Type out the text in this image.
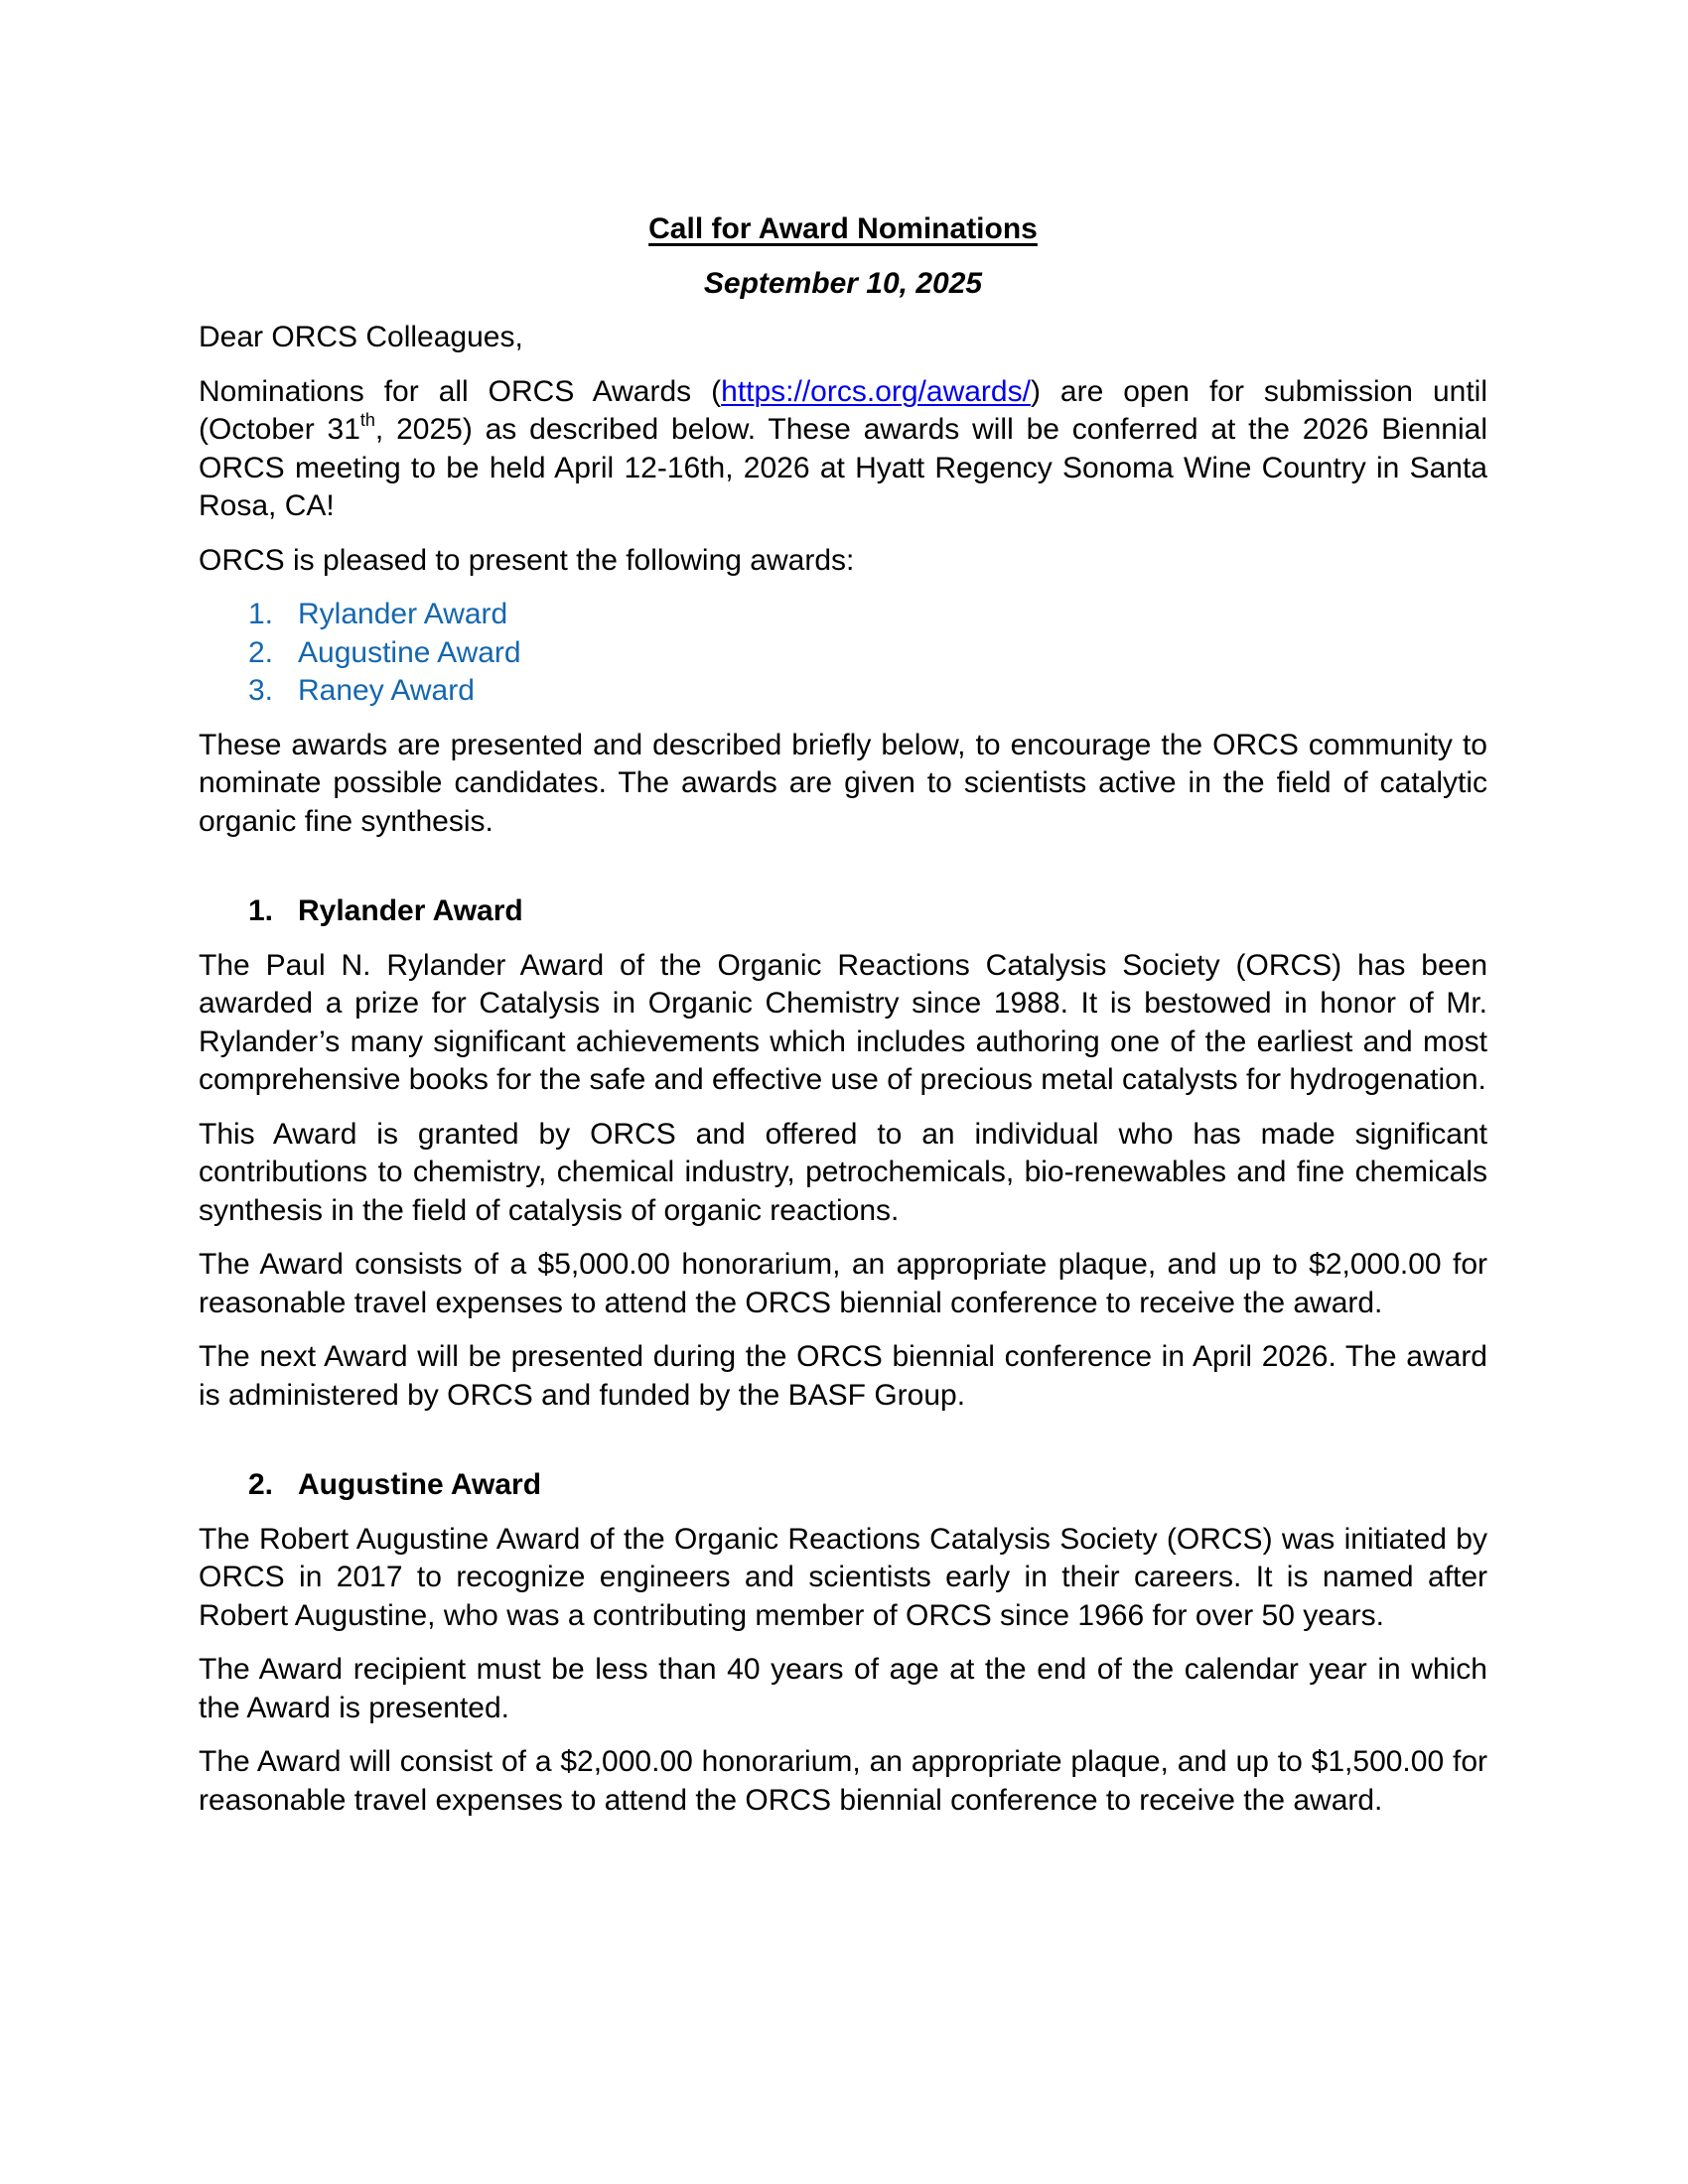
Call for Award Nominations
September 10, 2025

Dear ORCS Colleagues,

Nominations for all ORCS Awards (https://orcs.org/awards/) are open for submission until (October 31th, 2025) as described below. These awards will be conferred at the 2026 Biennial ORCS meeting to be held April 12-16th, 2026 at Hyatt Regency Sonoma Wine Country in Santa Rosa, CA!

ORCS is pleased to present the following awards:

1. Rylander Award
2. Augustine Award
3. Raney Award

These awards are presented and described briefly below, to encourage the ORCS community to nominate possible candidates. The awards are given to scientists active in the field of catalytic organic fine synthesis.

1. Rylander Award

The Paul N. Rylander Award of the Organic Reactions Catalysis Society (ORCS) has been awarded a prize for Catalysis in Organic Chemistry since 1988. It is bestowed in honor of Mr. Rylander’s many significant achievements which includes authoring one of the earliest and most comprehensive books for the safe and effective use of precious metal catalysts for hydrogenation.

This Award is granted by ORCS and offered to an individual who has made significant contributions to chemistry, chemical industry, petrochemicals, bio-renewables and fine chemicals synthesis in the field of catalysis of organic reactions.

The Award consists of a $5,000.00 honorarium, an appropriate plaque, and up to $2,000.00 for reasonable travel expenses to attend the ORCS biennial conference to receive the award.

The next Award will be presented during the ORCS biennial conference in April 2026. The award is administered by ORCS and funded by the BASF Group.

2. Augustine Award

The Robert Augustine Award of the Organic Reactions Catalysis Society (ORCS) was initiated by ORCS in 2017 to recognize engineers and scientists early in their careers. It is named after Robert Augustine, who was a contributing member of ORCS since 1966 for over 50 years.

The Award recipient must be less than 40 years of age at the end of the calendar year in which the Award is presented.

The Award will consist of a $2,000.00 honorarium, an appropriate plaque, and up to $1,500.00 for reasonable travel expenses to attend the ORCS biennial conference to receive the award.
